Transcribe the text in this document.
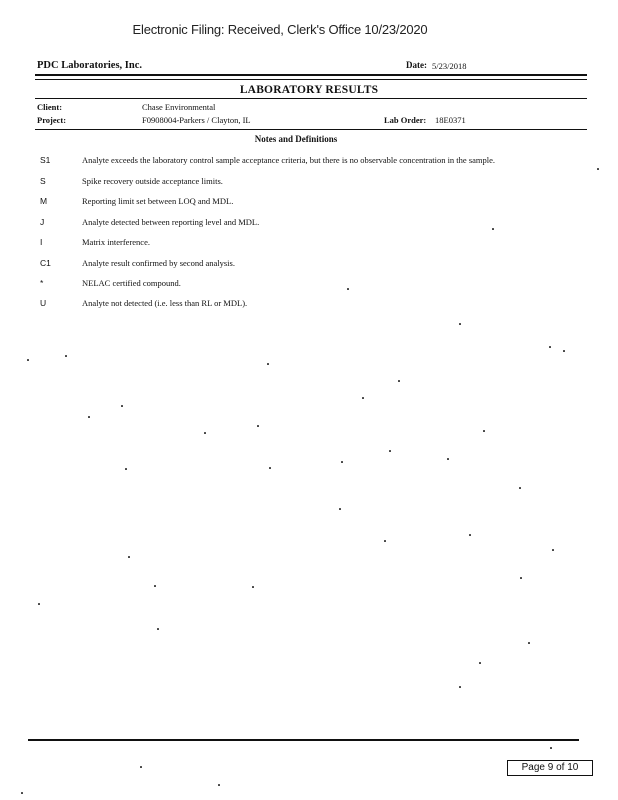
Electronic Filing: Received, Clerk's Office 10/23/2020
PDC Laboratories, Inc.	Date: 5/23/2018
LABORATORY RESULTS
Client:	Chase Environmental
Project:	F0908004-Parkers / Clayton, IL	Lab Order: 18E0371
Notes and Definitions
S1	Analyte exceeds the laboratory control sample acceptance criteria, but there is no observable concentration in the sample.
S	Spike recovery outside acceptance limits.
M	Reporting limit set between LOQ and MDL.
J	Analyte detected between reporting level and MDL.
I	Matrix interference.
C1	Analyte result confirmed by second analysis.
*	NELAC certified compound.
U	Analyte not detected (i.e. less than RL or MDL).
Page 9 of 10
